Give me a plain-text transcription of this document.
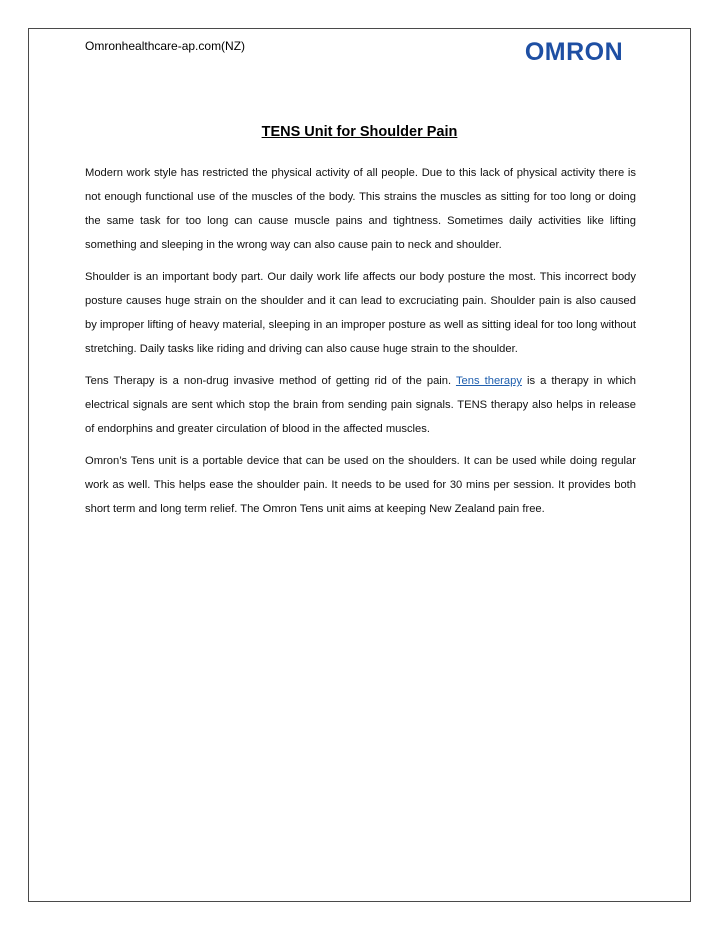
Omronhealthcare-ap.com(NZ)	OMRON
TENS Unit for Shoulder Pain

Modern work style has restricted the physical activity of all people. Due to this lack of physical activity there is not enough functional use of the muscles of the body. This strains the muscles as sitting for too long or doing the same task for too long can cause muscle pains and tightness. Sometimes daily activities like lifting something and sleeping in the wrong way can also cause pain to neck and shoulder.

Shoulder is an important body part. Our daily work life affects our body posture the most. This incorrect body posture causes huge strain on the shoulder and it can lead to excruciating pain. Shoulder pain is also caused by improper lifting of heavy material, sleeping in an improper posture as well as sitting ideal for too long without stretching. Daily tasks like riding and driving can also cause huge strain to the shoulder.

Tens Therapy is a non-drug invasive method of getting rid of the pain. Tens therapy is a therapy in which electrical signals are sent which stop the brain from sending pain signals. TENS therapy also helps in release of endorphins and greater circulation of blood in the affected muscles.

Omron’s Tens unit is a portable device that can be used on the shoulders. It can be used while doing regular work as well. This helps ease the shoulder pain. It needs to be used for 30 mins per session. It provides both short term and long term relief. The Omron Tens unit aims at keeping New Zealand pain free.
